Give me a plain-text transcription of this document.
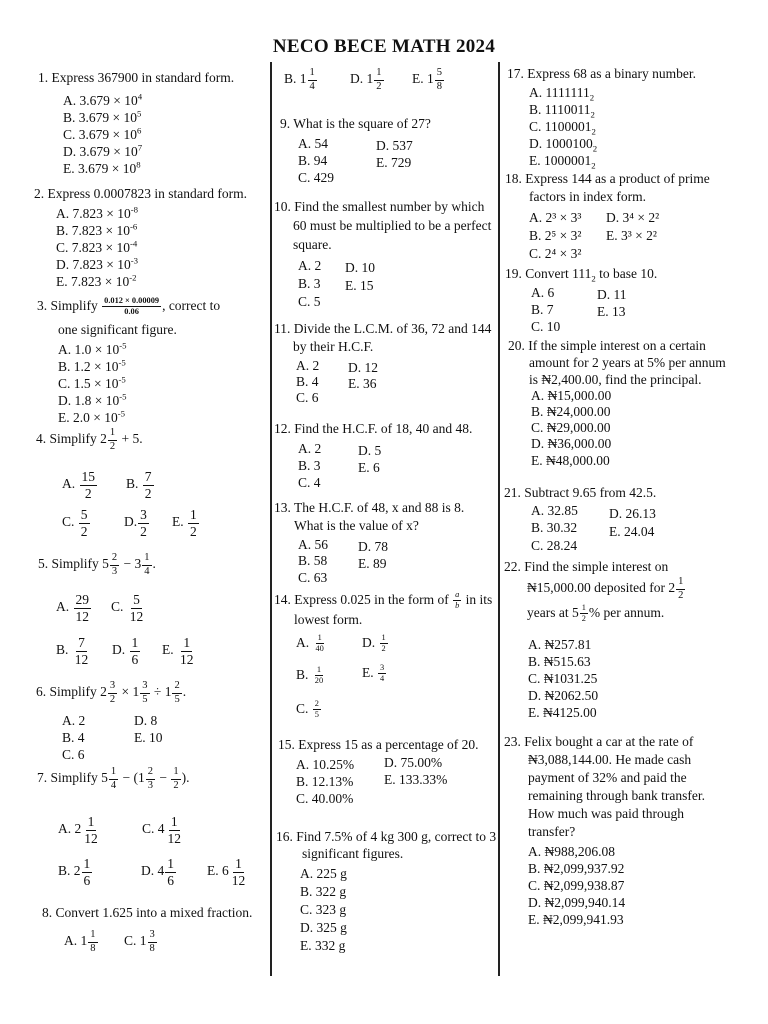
NECO BECE MATH 2024
1. Express 367900 in standard form.
A. $3.679 \times 10^4$
B. $3.679 \times 10^5$
C. $3.679 \times 10^6$
D. $3.679 \times 10^7$
E. $3.679 \times 10^8$
2. Express 0.0007823 in standard form.
A. $7.823 \times 10^{-8}$
B. $7.823 \times 10^{-6}$
C. $7.823 \times 10^{-4}$
D. $7.823 \times 10^{-3}$
E. $7.823 \times 10^{-2}$
3. Simplify $\frac{0.012 \times 0.00009}{0.06}$ , correct to
one significant figure.
A. $1.0 \times 10^{-5}$
B. $1.2 \times 10^{-5}$
C. $1.5 \times 10^{-5}$
D. $1.8 \times 10^{-5}$
E. $2.0 \times 10^{-5}$
4. Simplify $2 \frac{1}{2} + 5$.
A. $\frac{15}{2} B$. $\frac{7}{2}$
C. $\frac{5}{2}$	D. $\frac{3}{2} E$. $\frac{1}{2}$
5. Simplify $5 \frac{2}{3} - 3 \frac{1}{4}$ .
A. $\frac{29}{12} C$. $\frac{5}{12}$
B. $\frac{7}{12} D$. $\frac{1}{6} E$. $\frac{1}{12}$
6. Simplify $2 \frac{3}{2} \times 1 \frac{3}{5} \div 1 \frac{2}{5}$ .
A. 2
B. 4
C. 6
D. 8
E. 10
7. Simplify $5 \frac{1}{4} - (1 \frac{2}{3} - \frac{1}{2}$ ).
A. $2 \frac{1}{12}$	C. $4 \frac{1}{12}$
B. $2 \frac{1}{6}$	D. $4 \frac{1}{6} E$. $6 \frac{1}{12}$
8. Convert 1.625 into a mixed fraction.
A. $1 \frac{1}{8} C$. $1 \frac{3}{8}$
B. $1 \frac{1}{4} D$. $1 \frac{1}{2} E$. $1 \frac{5}{8}$
9. What is the square of 27?
A. 54
B. 94
C. 429
D. 537
E. 729
10. Find the smallest number by which
60 must be multiplied to be a perfect
square.
A. 2
B. 3
C. 5
D. 10
E. 15
11. Divide the L.C.M. of 36, 72 and 144
by their H.C.F.
A. 2
B. 4
C. 6
D. 12
E. 36
12. Find the H.C.F. of 18, 40 and 48.
A. 2
B. 3
C. 4
D. 5
E. 6
13. The H.C.F. of 48, x and 88 is 8.
What is the value of x?
A. 56
B. 58
C. 63
D. 78
E. 89
14. Express 0.025 in the form of $\frac{a}{b}$ in its
lowest form.
A. $\frac{1}{40}$	D. $\frac{1}{2}$
B. $\frac{1}{20}$	E. $\frac{3}{4}$
C. $\frac{2}{5}$
15. Express 15 as a percentage of 20.
A. 10.25%
B. 12.13%
C. 40.00%
D. 75.00%
E. 133.33%
16. Find 7.5% of 4 kg 300 g, correct to 3
significant figures.
A. 225 g
B. 322 g
C. 323 g
D. 325 g
E. 332 g
17. Express 68 as a binary number.
A. $1111111_2$
B. $1110011_2$
C. $1100001_2$
D. $1000100_2$
E. $1000001_2$
18. Express 144 as a product of prime
factors in index form.
A. 2³ × 3³
B. 2⁵ × 3²
C. 2⁴ × 3²
D. 3⁴ × 2²
E. 3³ × 2²
19. Convert $111_2$ to base 10.
A. 6
B. 7
C. 10
D. 11
E. 13
20. If the simple interest on a certain
amount for 2 years at 5% per annum
is ₦2,400.00, find the principal.
A. ₦15,000.00
B. ₦24,000.00
C. ₦29,000.00
D. ₦36,000.00
E. ₦48,000.00
21. Subtract 9.65 from 42.5.
A. 32.85
B. 30.32
C. 28.24
D. 26.13
E. 24.04
22. Find the simple interest on
₦15,000.00 deposited for $2 \frac{1}{2}$
years at $5 \frac{1}{2}$ % per annum.
A. ₦257.81
B. ₦515.63
C. ₦1031.25
D. ₦2062.50
E. ₦4125.00
23. Felix bought a car at the rate of
₦3,088,144.00. He made cash
payment of 32% and paid the
remaining through bank transfer.
How much was paid through
transfer?
A. ₦988,206.08
B. ₦2,099,937.92
C. ₦2,099,938.87
D. ₦2,099,940.14
E. ₦2,099,941.93
